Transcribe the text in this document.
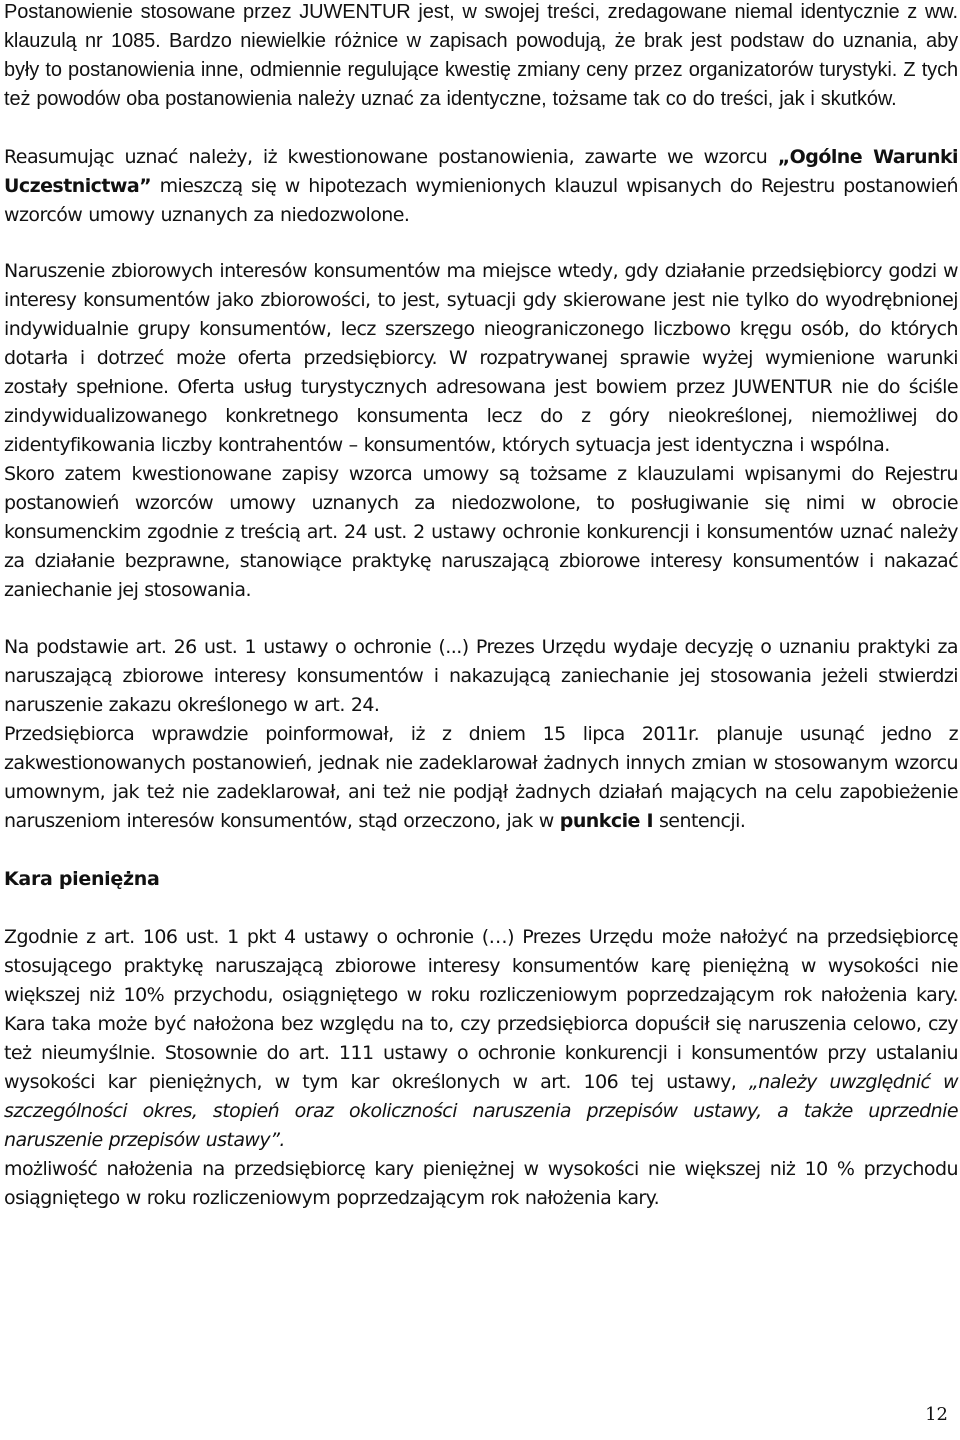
Postanowienie stosowane przez JUWENTUR jest, w swojej treści, zredagowane niemal identycznie z ww. klauzulą nr 1085. Bardzo niewielkie różnice w zapisach powodują, że brak jest podstaw do uznania, aby były to postanowienia inne, odmiennie regulujące kwestię zmiany ceny przez organizatorów turystyki. Z tych też powodów oba postanowienia należy uznać za identyczne, tożsame tak co do treści, jak i skutków.

Reasumując uznać należy, iż kwestionowane postanowienia, zawarte we wzorcu „Ogólne Warunki Uczestnictwa” mieszczą się w hipotezach wymienionych klauzul wpisanych do Rejestru postanowień wzorców umowy uznanych za niedozwolone.

Naruszenie zbiorowych interesów konsumentów ma miejsce wtedy, gdy działanie przedsiębiorcy godzi w interesy konsumentów jako zbiorowości, to jest, sytuacji gdy skierowane jest nie tylko do wyodrębnionej indywidualnie grupy konsumentów, lecz szerszego nieograniczonego liczbowo kręgu osób, do których dotarła i dotrzeć może oferta przedsiębiorcy. W rozpatrywanej sprawie wyżej wymienione warunki zostały spełnione. Oferta usług turystycznych adresowana jest bowiem przez JUWENTUR nie do ściśle zindywidualizowanego konkretnego konsumenta lecz do z góry nieokreślonej, niemożliwej do zidentyfikowania liczby kontrahentów – konsumentów, których sytuacja jest identyczna i wspólna.

Skoro zatem kwestionowane zapisy wzorca umowy są tożsame z klauzulami wpisanymi do Rejestru postanowień wzorców umowy uznanych za niedozwolone, to posługiwanie się nimi w obrocie konsumenckim zgodnie z treścią art. 24 ust. 2 ustawy ochronie konkurencji i konsumentów uznać należy za działanie bezprawne, stanowiące praktykę naruszającą zbiorowe interesy konsumentów i nakazać zaniechanie jej stosowania.

Na podstawie art. 26 ust. 1 ustawy o ochronie (...) Prezes Urzędu wydaje decyzję o uznaniu praktyki za naruszającą zbiorowe interesy konsumentów i nakazującą zaniechanie jej stosowania jeżeli stwierdzi naruszenie zakazu określonego w art. 24.

Przedsiębiorca wprawdzie poinformował, iż z dniem 15 lipca 2011r. planuje usunąć jedno z zakwestionowanych postanowień, jednak nie zadeklarował żadnych innych zmian w stosowanym wzorcu umownym, jak też nie zadeklarował, ani też nie podjął żadnych działań mających na celu zapobieżenie naruszeniom interesów konsumentów, stąd orzeczono, jak w punkcie I sentencji.

Kara pieniężna

Zgodnie z art. 106 ust. 1 pkt 4 ustawy o ochronie (…) Prezes Urzędu może nałożyć na przedsiębiorcę stosującego praktykę naruszającą zbiorowe interesy konsumentów karę pieniężną w wysokości nie większej niż 10% przychodu, osiągniętego w roku rozliczeniowym poprzedzającym rok nałożenia kary. Kara taka może być nałożona bez względu na to, czy przedsiębiorca dopuścił się naruszenia celowo, czy też nieumyślnie. Stosownie do art. 111 ustawy o ochronie konkurencji i konsumentów przy ustalaniu wysokości kar pieniężnych, w tym kar określonych w art. 106 tej ustawy, „należy uwzględnić w szczególności okres, stopień oraz okoliczności naruszenia przepisów ustawy, a także uprzednie naruszenie przepisów ustawy”.

możliwość nałożenia na przedsiębiorcę kary pieniężnej w wysokości nie większej niż 10 % przychodu osiągniętego w roku rozliczeniowym poprzedzającym rok nałożenia kary.

12
